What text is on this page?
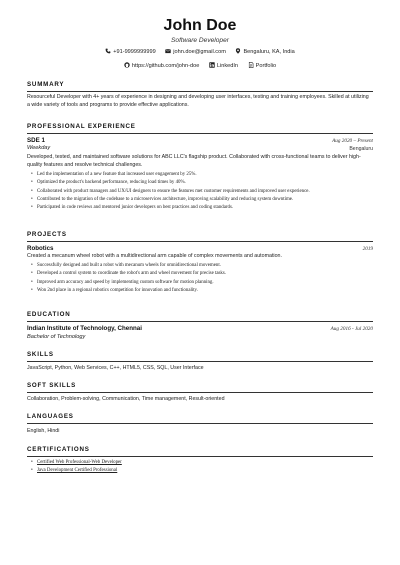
John Doe
Software Developer
+91-9999999999	john.doe@gmail.com	Bengaluru, KA, India
https://github.com/john-doe	LinkedIn	Portfolio
SUMMARY
Resourceful Developer with 4+ years of experience in designing and developing user interfaces, testing and training employees. Skilled at utilizing a wide variety of tools and programs to provide effective applications.
PROFESSIONAL EXPERIENCE
SDE 1	Aug 2020 – Present
Weekday	Bengaluru
Developed, tested, and maintained software solutions for ABC LLC's flagship product. Collaborated with cross-functional teams to deliver high-quality features and resolve technical challenges.
• Led the implementation of a new feature that increased user engagement by 25%.
• Optimized the product's backend performance, reducing load times by 40%.
• Collaborated with product managers and UX/UI designers to ensure the features met customer requirements and improved user experience.
• Contributed to the migration of the codebase to a microservices architecture, improving scalability and reducing system downtime.
• Participated in code reviews and mentored junior developers on best practices and coding standards.
PROJECTS
Robotics	2019
Created a mecanum wheel robot with a multidirectional arm capable of complex movements and automation.
• Successfully designed and built a robot with mecanum wheels for omnidirectional movement.
• Developed a control system to coordinate the robot's arm and wheel movement for precise tasks.
• Improved arm accuracy and speed by implementing custom software for motion planning.
• Won 2nd place in a regional robotics competition for innovation and functionality.
EDUCATION
Indian Institute of Technology, Chennai	Aug 2016 - Jul 2020
Bachelor of Technology
SKILLS
JavaScript, Python, Web Services, C++, HTML5, CSS, SQL, User Interface
SOFT SKILLS
Collaboration, Problem-solving, Communication, Time management, Result-oriented
LANGUAGES
English, Hindi
CERTIFICATIONS
• Certified Web Professional-Web Developer
• Java Development Certified Professional
